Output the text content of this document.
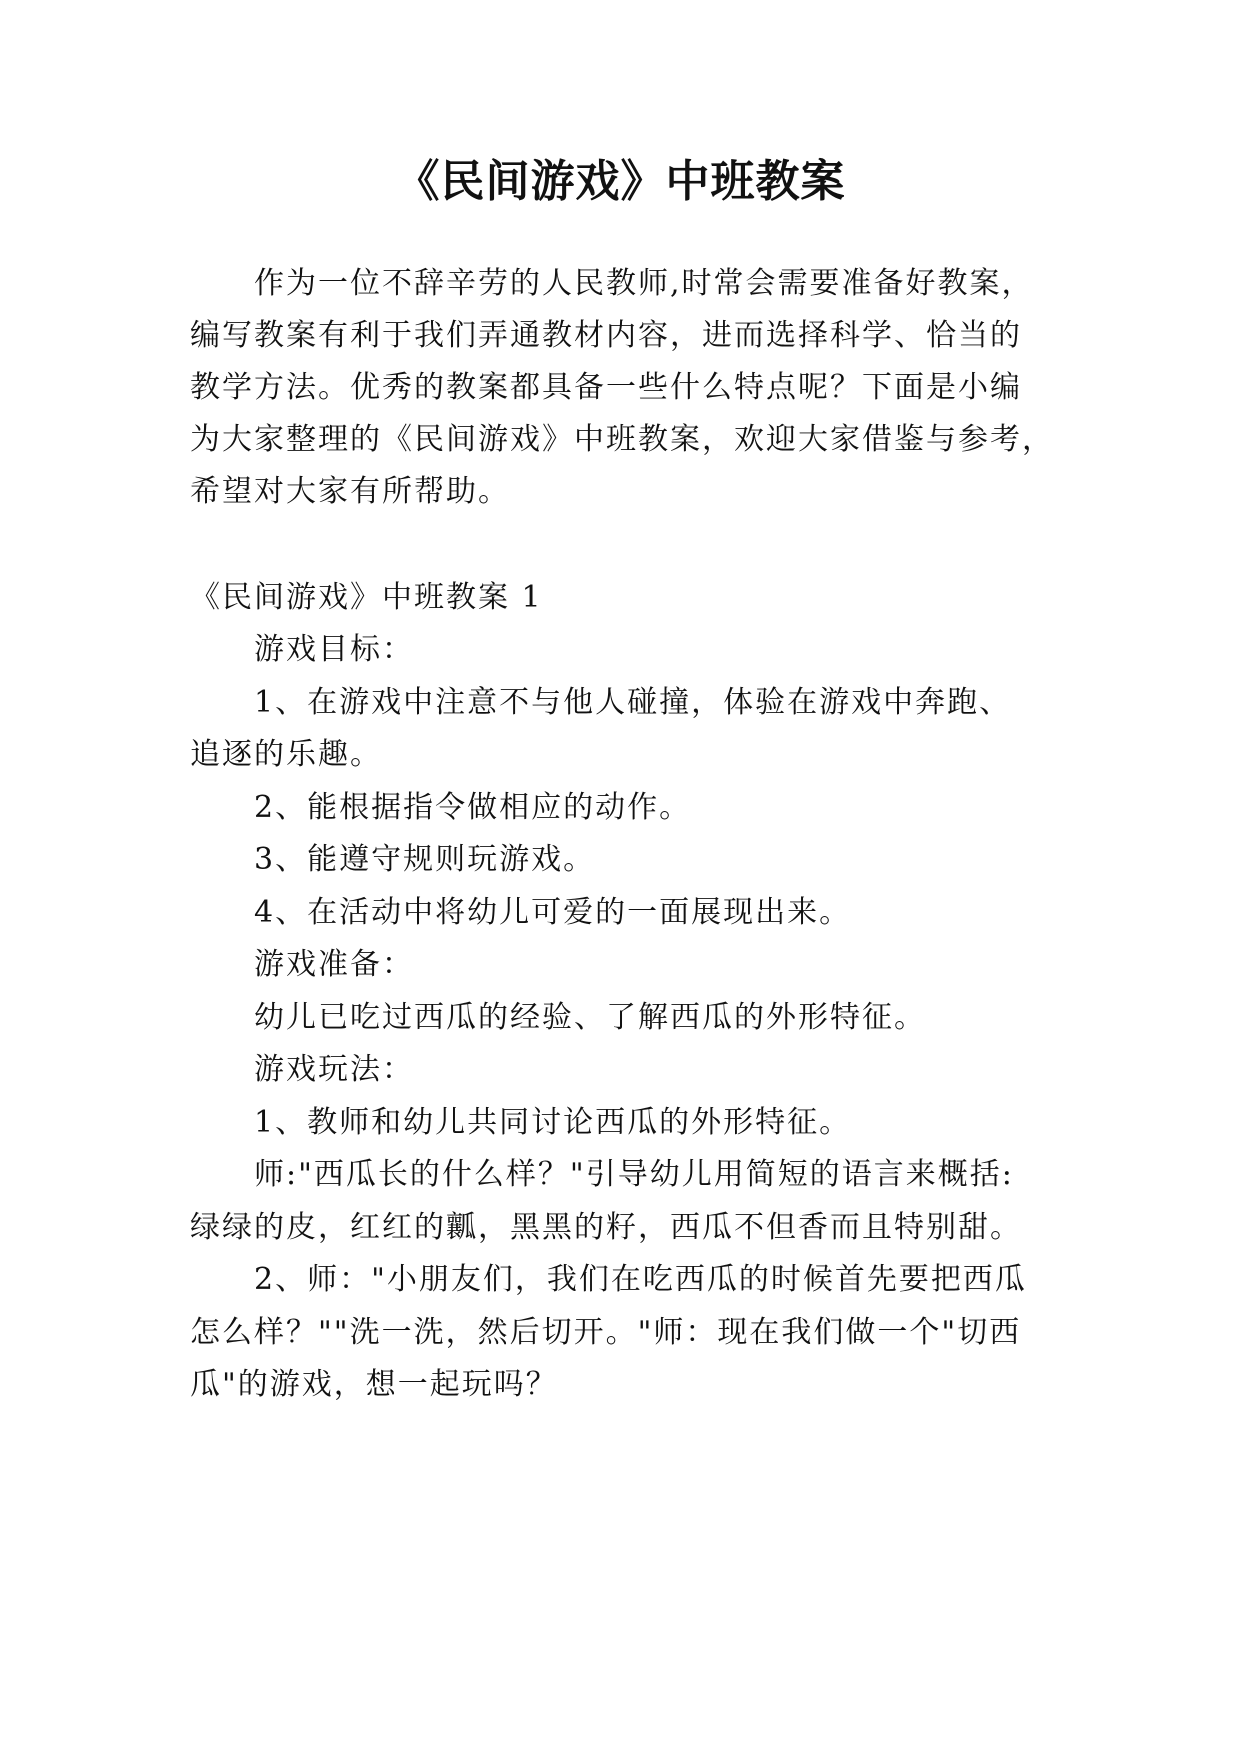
《民间游戏》中班教案

作为一位不辞辛劳的人民教师,时常会需要准备好教案，

编写教案有利于我们弄通教材内容，进而选择科学、恰当的

教学方法。优秀的教案都具备一些什么特点呢？下面是小编

为大家整理的《民间游戏》中班教案，欢迎大家借鉴与参考，

希望对大家有所帮助。

《民间游戏》中班教案 1

游戏目标：

1、在游戏中注意不与他人碰撞，体验在游戏中奔跑、

追逐的乐趣。

2、能根据指令做相应的动作。

3、能遵守规则玩游戏。

4、在活动中将幼儿可爱的一面展现出来。

游戏准备：

幼儿已吃过西瓜的经验、了解西瓜的外形特征。

游戏玩法：

1、教师和幼儿共同讨论西瓜的外形特征。

师:"西瓜长的什么样？"引导幼儿用简短的语言来概括:

绿绿的皮，红红的瓤，黑黑的籽，西瓜不但香而且特别甜。

2、师："小朋友们，我们在吃西瓜的时候首先要把西瓜

怎么样？""洗一洗，然后切开。"师：现在我们做一个"切西

瓜"的游戏，想一起玩吗？
